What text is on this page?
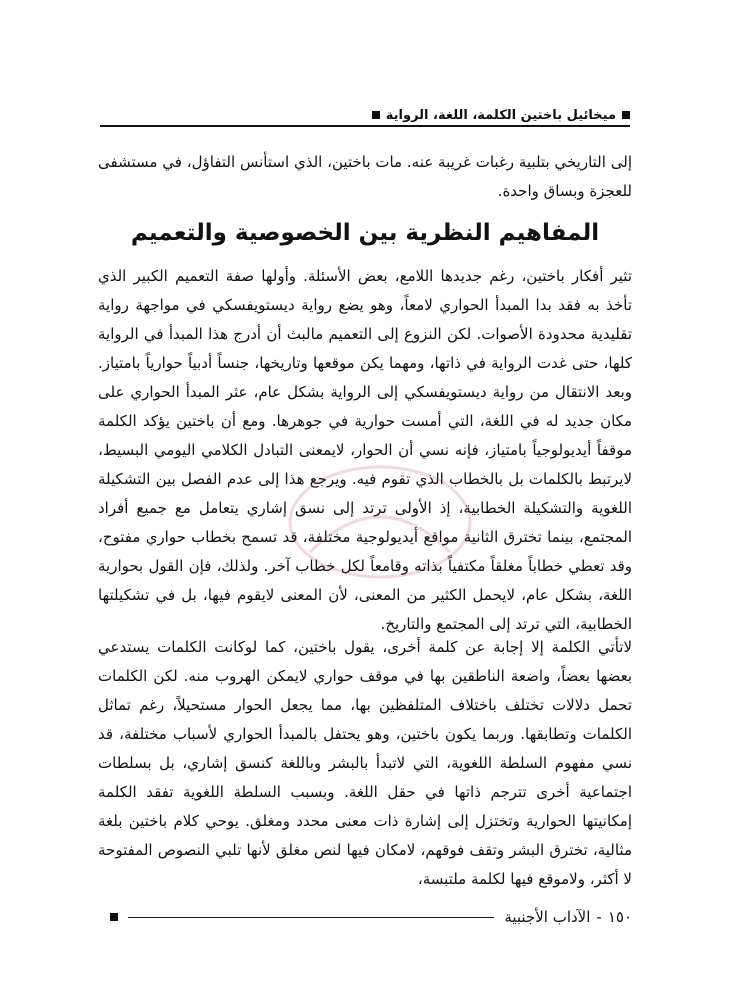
ميخائيل باختين الكلمة، اللغة، الرواية

إلى التاريخي بتلبية رغبات غريبة عنه. مات باختين، الذي استأنس التفاؤل، في مستشفى للعجزة وبساق واحدة.

المفاهيم النظرية بين الخصوصية والتعميم

تثير أفكار باختين، رغم جديدها اللامع، بعض الأسئلة. وأولها صفة التعميم الكبير الذي تأخذ به فقد بدا المبدأ الحواري لامعاً، وهو يضع رواية ديستويفسكي في مواجهة رواية تقليدية محدودة الأصوات. لكن النزوع إلى التعميم مالبث أن أدرج هذا المبدأ في الرواية كلها، حتى غدت الرواية في ذاتها، ومهما يكن موقعها وتاريخها، جنساً أدبياً حوارياً بامتياز. وبعد الانتقال من رواية ديستويفسكي إلى الرواية بشكل عام، عثر المبدأ الحواري على مكان جديد له في اللغة، التي أمست حوارية في جوهرها. ومع أن باختين يؤكد الكلمة موقفاً أيديولوجياً بامتياز، فإنه نسي أن الحوار، لايمعنى التبادل الكلامي اليومي البسيط، لايرتبط بالكلمات بل بالخطاب الذي تقوم فيه. ويرجع هذا إلى عدم الفصل بين التشكيلة اللغوية والتشكيلة الخطابية، إذ الأولى ترتد إلى نسق إشاري يتعامل مع جميع أفراد المجتمع، بينما تخترق الثانية مواقع أيديولوجية مختلفة، قد تسمح بخطاب حواري مفتوح، وقد تعطي خطاباً مغلقاً مكتفياً بذاته وقامعاً لكل خطاب آخر. ولذلك، فإن القول بحوارية اللغة، بشكل عام، لايحمل الكثير من المعنى، لأن المعنى لايقوم فيها، بل في تشكيلتها الخطابية، التي ترتد إلى المجتمع والتاريخ.

لاتأتي الكلمة إلا إجابة عن كلمة أخرى، يقول باختين، كما لوكانت الكلمات يستدعي بعضها بعضاً، واضعة الناطقين بها في موقف حواري لايمكن الهروب منه. لكن الكلمات تحمل دلالات تختلف باختلاف المتلفظين بها، مما يجعل الحوار مستحيلاً، رغم تماثل الكلمات وتطابقها. وربما يكون باختين، وهو يحتفل بالمبدأ الحواري لأسباب مختلفة، قد نسي مفهوم السلطة اللغوية، التي لاتبدأ بالبشر وباللغة كنسق إشاري، بل بسلطات اجتماعية أخرى تترجم ذاتها في حقل اللغة. وبسبب السلطة اللغوية تفقد الكلمة إمكانيتها الحوارية وتختزل إلى إشارة ذات معنى محدد ومغلق. يوحي كلام باختين بلغة مثالية، تخترق البشر وتقف فوقهم، لامكان فيها لنص مغلق لأنها تلبي النصوص المفتوحة لا أكثر، ولاموقع فيها لكلمة ملتبسة،

١٥٠
-
الآداب الأجنبية
